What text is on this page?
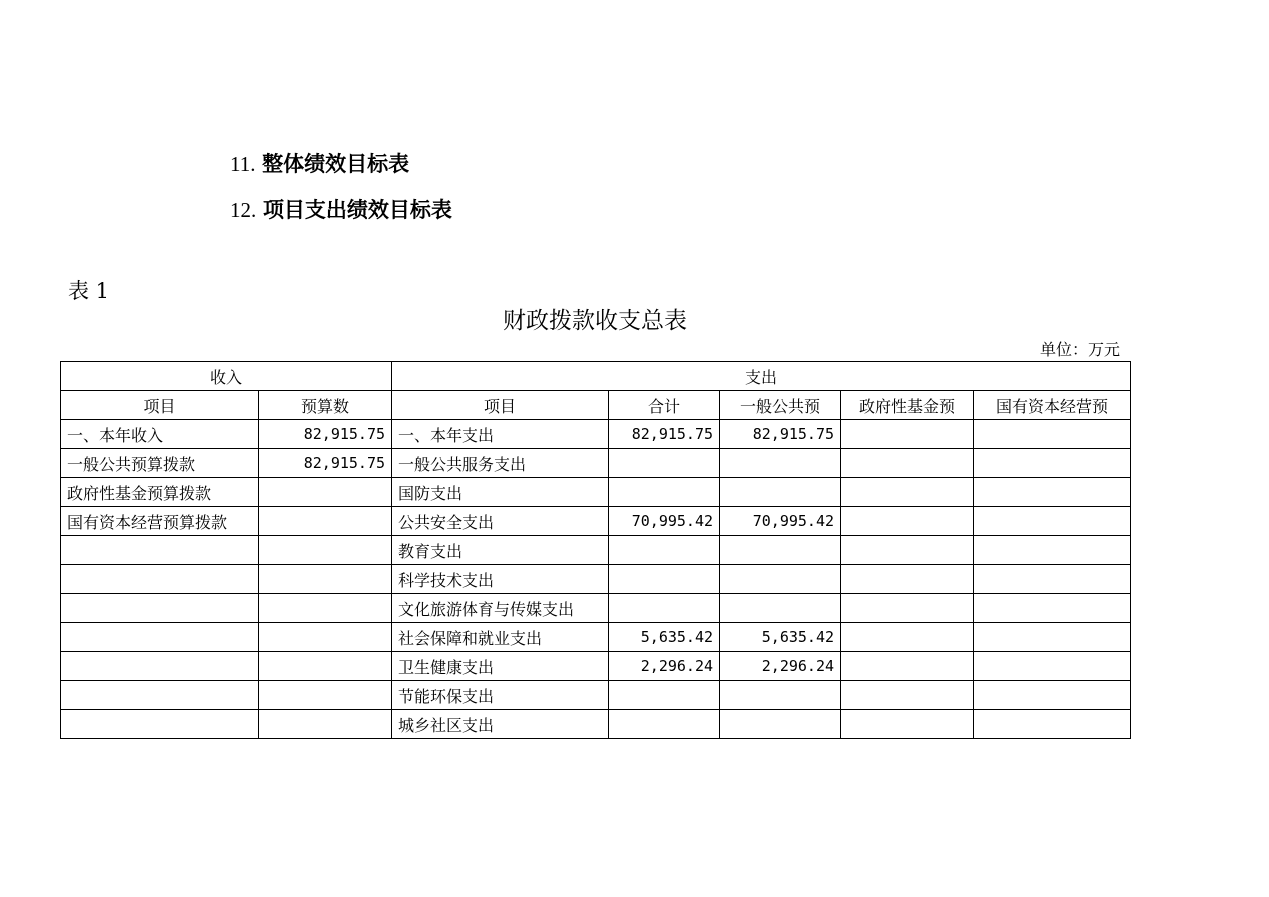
11. 整体绩效目标表
12. 项目支出绩效目标表
表 1
财政拨款收支总表
单位：万元
收入		支出				
项目	预算数	项目	合计	一般公共预	政府性基金预	国有资本经营预
一、本年收入	82,915.75	一、本年支出	82,915.75	82,915.75		
一般公共预算拨款	82,915.75	一般公共服务支出				
政府性基金预算拨款		国防支出				
国有资本经营预算拨款		公共安全支出	70,995.42	70,995.42		
		教育支出				
		科学技术支出				
		文化旅游体育与传媒支出				
		社会保障和就业支出	5,635.42	5,635.42		
		卫生健康支出	2,296.24	2,296.24		
		节能环保支出				
		城乡社区支出				
